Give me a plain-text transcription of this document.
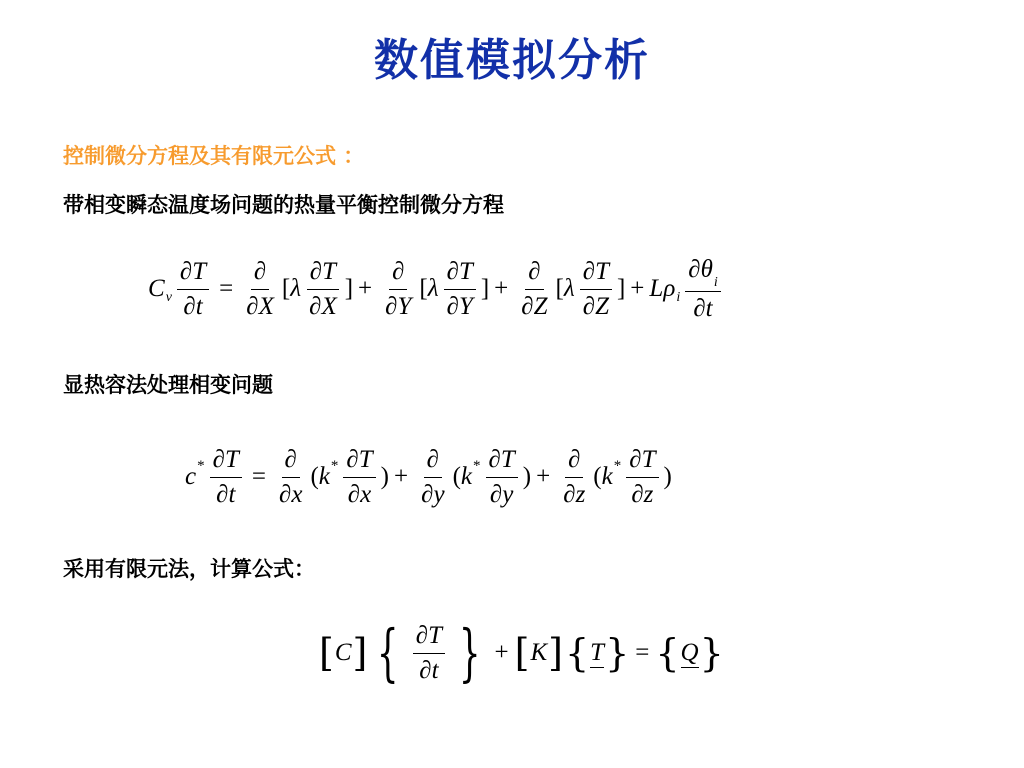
数值模拟分析
控制微分方程及其有限元公式 ：
带相变瞬态温度场问题的热量平衡控制微分方程
C v $\frac{\partial T}{\partial t} = \frac{\partial}{\partial X}$ [ λ $\frac{\partial T}{\partial X}$ ] + $\frac{\partial}{\partial Y}$ [ λ $\frac{\partial T}{\partial Y}$ ] + $\frac{\partial}{\partial Z}$ [ λ $\frac{\partial T}{\partial Z}$ ] + L ρ i $\frac{\partial\theta_i}{\partial t}$
显热容法处理相变问题
$c * \frac{\partial T}{\partial t} = \frac{\partial}{\partial x}$ ( k * $\frac{\partial T}{\partial x}$ ) + $\frac{\partial}{\partial y}$ ( k * $\frac{\partial T}{\partial y}$ ) + $\frac{\partial}{\partial z}$ ( k * $\frac{\partial T}{\partial z}$ )
采用有限元法，计算公式：
[ C ] { $\frac{\partial T}{\partial t}$ } + [ K ] { T } = { Q }
